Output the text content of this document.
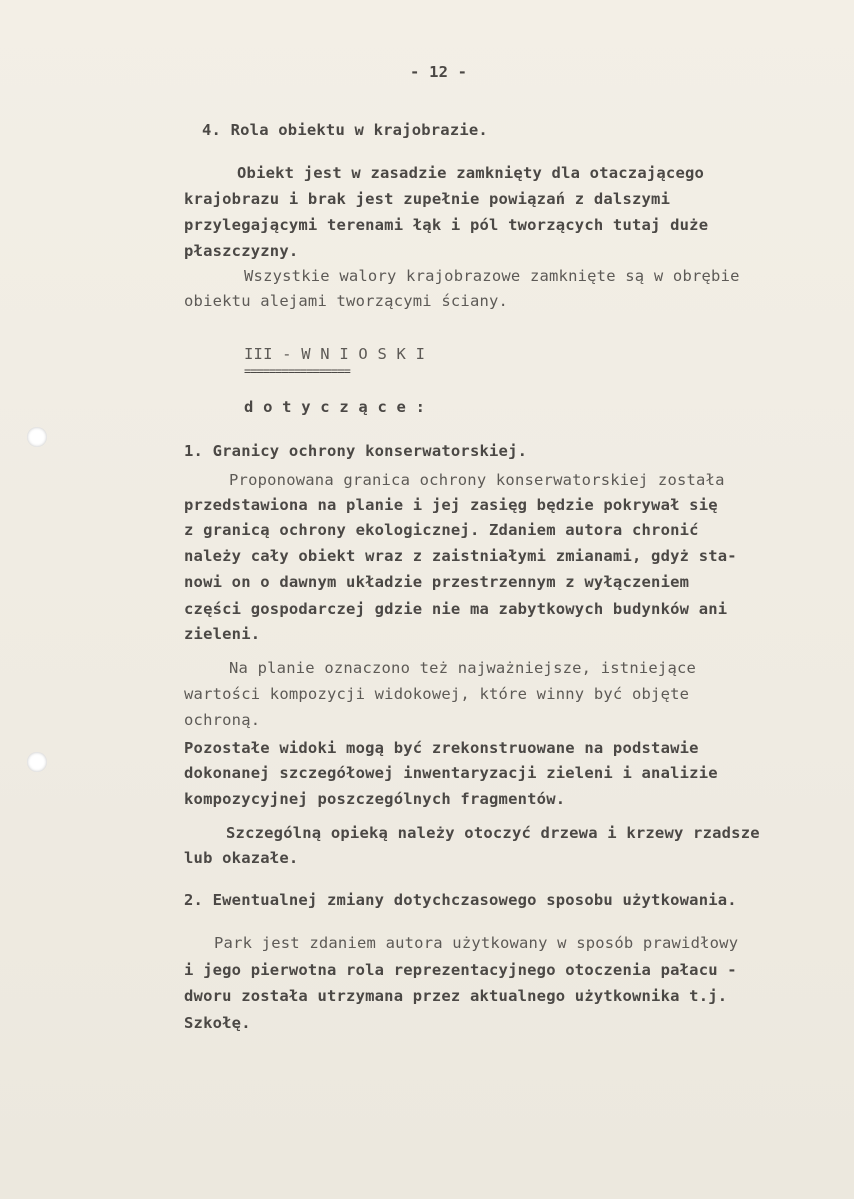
- 12 -
4. Rola obiektu w krajobrazie.
Obiekt jest w zasadzie zamknięty dla otaczającego
krajobrazu i brak jest zupełnie powiązań z dalszymi
przylegającymi terenami łąk i pól tworzących tutaj duże
płaszczyzny.
Wszystkie walory krajobrazowe zamknięte są w obrębie
obiektu alejami tworzącymi ściany.
III - W N I O S K I
=================
d o t y c z ą c e :
1. Granicy ochrony konserwatorskiej.
Proponowana granica ochrony konserwatorskiej została
przedstawiona na planie i jej zasięg będzie pokrywał się
z granicą ochrony ekologicznej. Zdaniem autora chronić
należy cały obiekt wraz z zaistniałymi zmianami, gdyż sta-
nowi on o dawnym układzie przestrzennym z wyłączeniem
części gospodarczej gdzie nie ma zabytkowych budynków ani
zieleni.
Na planie oznaczono też najważniejsze, istniejące
wartości kompozycji widokowej, które winny być objęte
ochroną.
Pozostałe widoki mogą być zrekonstruowane na podstawie
dokonanej szczegółowej inwentaryzacji zieleni i analizie
kompozycyjnej poszczególnych fragmentów.
Szczególną opieką należy otoczyć drzewa i krzewy rzadsze
lub okazałe.
2. Ewentualnej zmiany dotychczasowego sposobu użytkowania.
Park jest zdaniem autora użytkowany w sposób prawidłowy
i jego pierwotna rola reprezentacyjnego otoczenia pałacu -
dworu została utrzymana przez aktualnego użytkownika t.j.
Szkołę.
